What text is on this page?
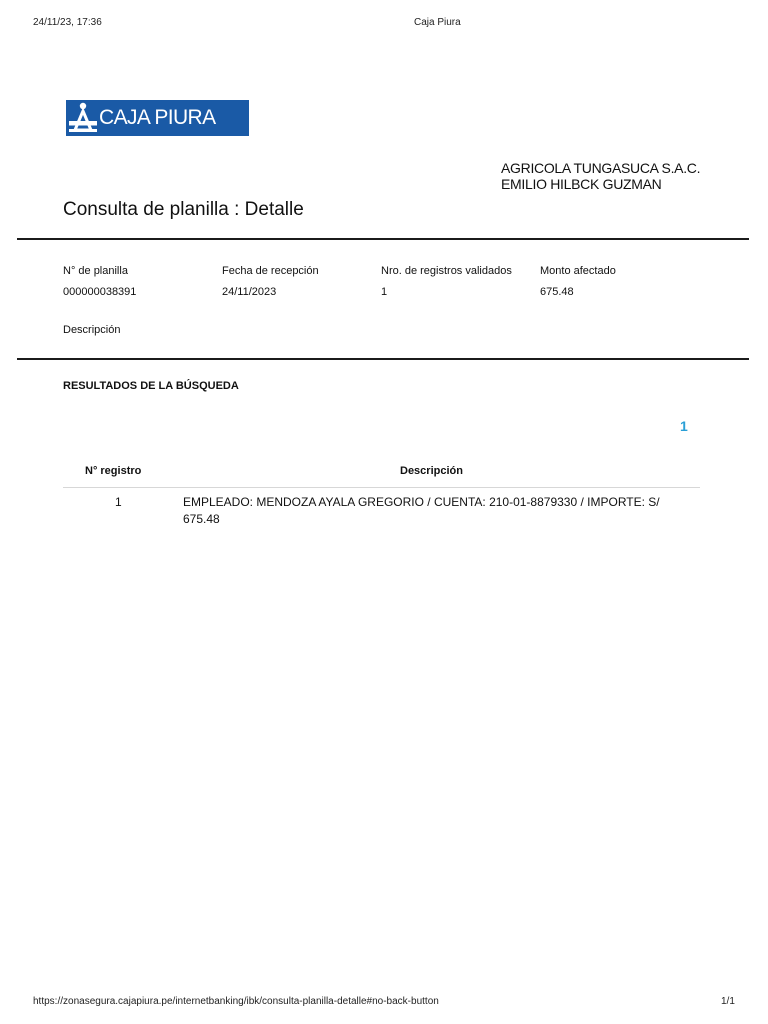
24/11/23, 17:36	Caja Piura
CAJA PIURA
AGRICOLA TUNGASUCA S.A.C.
EMILIO HILBCK GUZMAN
Consulta de planilla : Detalle
N° de planilla
000000038391
Fecha de recepción
24/11/2023
Nro. de registros validados
1
Monto afectado
675.48
Descripción
RESULTADOS DE LA BÚSQUEDA
1
N° registro	Descripción
1	EMPLEADO: MENDOZA AYALA GREGORIO / CUENTA: 210-01-8879330 / IMPORTE: S/ 675.48
https://zonasegura.cajapiura.pe/internetbanking/ibk/consulta-planilla-detalle#no-back-button	1/1
